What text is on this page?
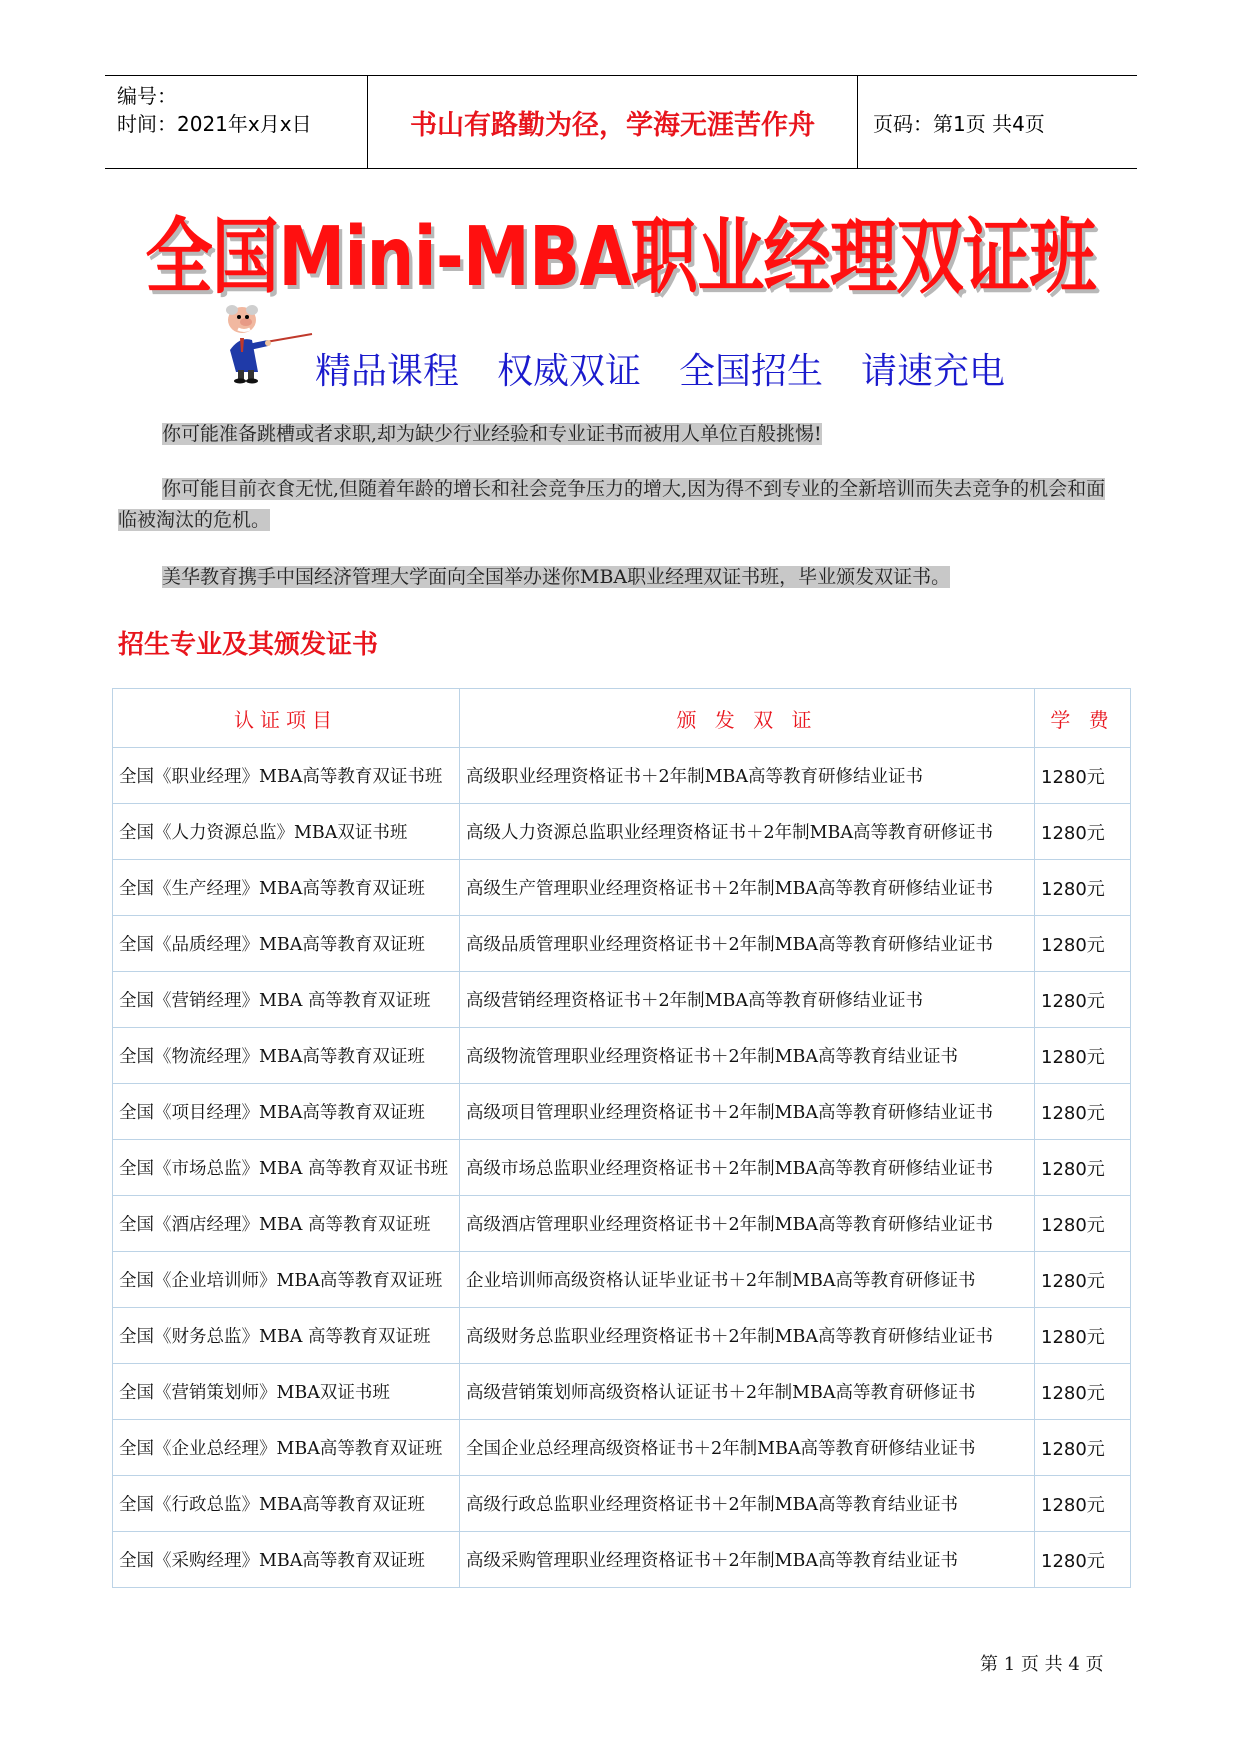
编号：
时间：2021年x月x日	书山有路勤为径，学海无涯苦作舟	页码：第1页 共4页
全国Mini-MBA职业经理双证班
精品课程 权威双证 全国招生 请速充电
你可能准备跳槽或者求职,却为缺少行业经验和专业证书而被用人单位百般挑惕!
你可能目前衣食无忧,但随着年龄的增长和社会竞争压力的增大,因为得不到专业的全新培训而失去竞争的机会和面临被淘汰的危机。
美华教育携手中国经济管理大学面向全国举办迷你MBA职业经理双证书班，毕业颁发双证书。
招生专业及其颁发证书
认证项目	颁 发 双 证	学 费
全国《职业经理》MBA高等教育双证书班	高级职业经理资格证书＋2年制MBA高等教育研修结业证书	1280元
全国《人力资源总监》MBA双证书班	高级人力资源总监职业经理资格证书＋2年制MBA高等教育研修证书	1280元
全国《生产经理》MBA高等教育双证班	高级生产管理职业经理资格证书＋2年制MBA高等教育研修结业证书	1280元
全国《品质经理》MBA高等教育双证班	高级品质管理职业经理资格证书＋2年制MBA高等教育研修结业证书	1280元
全国《营销经理》MBA 高等教育双证班	高级营销经理资格证书＋2年制MBA高等教育研修结业证书	1280元
全国《物流经理》MBA高等教育双证班	高级物流管理职业经理资格证书＋2年制MBA高等教育结业证书	1280元
全国《项目经理》MBA高等教育双证班	高级项目管理职业经理资格证书＋2年制MBA高等教育研修结业证书	1280元
全国《市场总监》MBA 高等教育双证书班	高级市场总监职业经理资格证书＋2年制MBA高等教育研修结业证书	1280元
全国《酒店经理》MBA 高等教育双证班	高级酒店管理职业经理资格证书＋2年制MBA高等教育研修结业证书	1280元
全国《企业培训师》MBA高等教育双证班	企业培训师高级资格认证毕业证书＋2年制MBA高等教育研修证书	1280元
全国《财务总监》MBA 高等教育双证班	高级财务总监职业经理资格证书＋2年制MBA高等教育研修结业证书	1280元
全国《营销策划师》MBA双证书班	高级营销策划师高级资格认证证书＋2年制MBA高等教育研修证书	1280元
全国《企业总经理》MBA高等教育双证班	全国企业总经理高级资格证书＋2年制MBA高等教育研修结业证书	1280元
全国《行政总监》MBA高等教育双证班	高级行政总监职业经理资格证书＋2年制MBA高等教育结业证书	1280元
全国《采购经理》MBA高等教育双证班	高级采购管理职业经理资格证书＋2年制MBA高等教育结业证书	1280元
第 1 页 共 4 页
